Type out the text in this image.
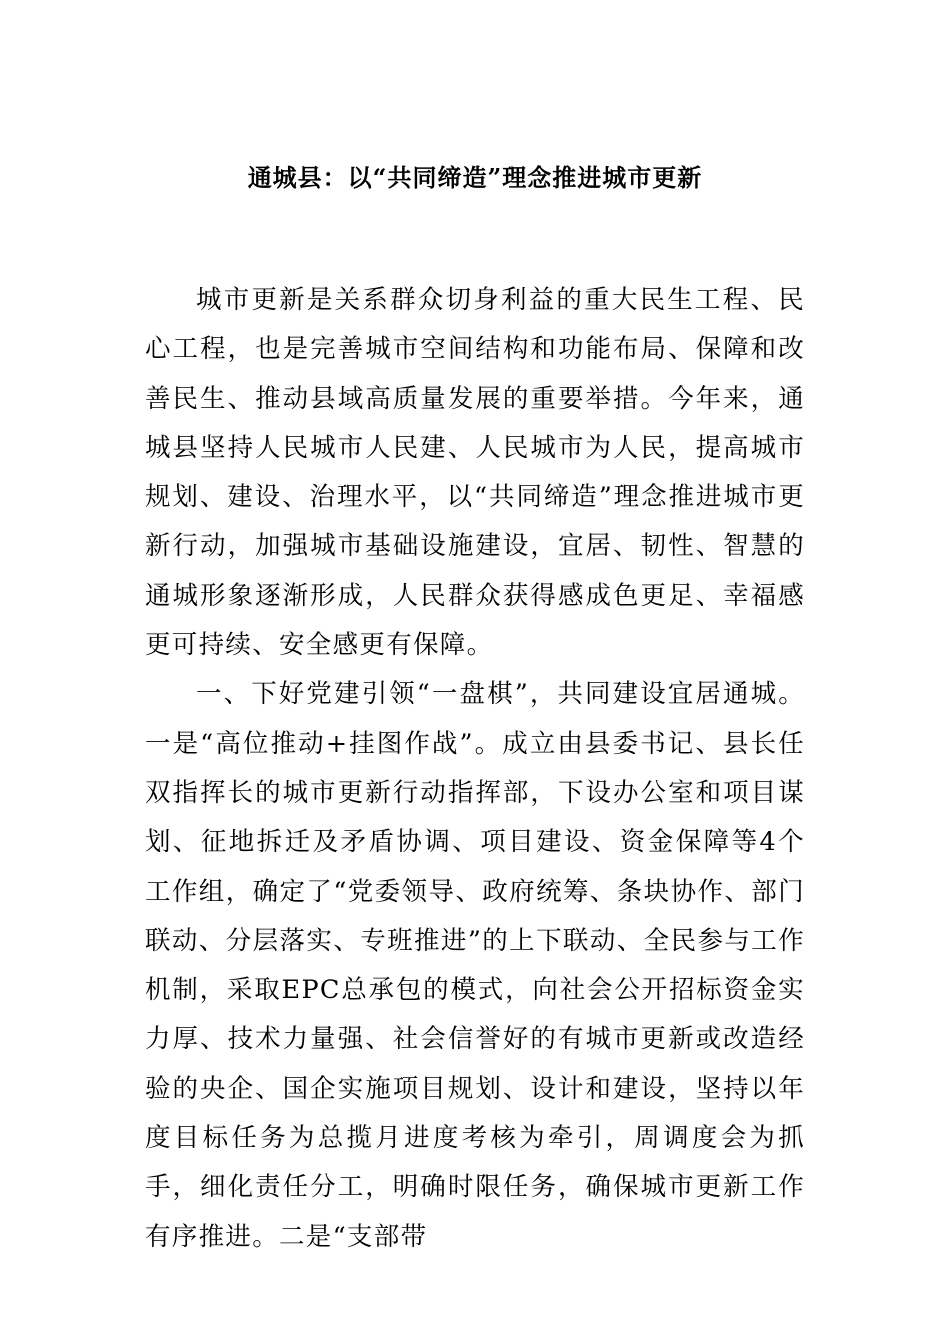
通城县：以“共同缔造”理念推进城市更新

城市更新是关系群众切身利益的重大民生工程、民心工程，也是完善城市空间结构和功能布局、保障和改善民生、推动县域高质量发展的重要举措。今年来，通城县坚持人民城市人民建、人民城市为人民，提高城市规划、建设、治理水平，以“共同缔造”理念推进城市更新行动，加强城市基础设施建设，宜居、韧性、智慧的通城形象逐渐形成，人民群众获得感成色更足、幸福感更可持续、安全感更有保障。

一、下好党建引领“一盘棋”，共同建设宜居通城。一是“高位推动+挂图作战”。成立由县委书记、县长任双指挥长的城市更新行动指挥部，下设办公室和项目谋划、征地拆迁及矛盾协调、项目建设、资金保障等4个工作组，确定了“党委领导、政府统筹、条块协作、部门联动、分层落实、专班推进”的上下联动、全民参与工作机制，采取EPC总承包的模式，向社会公开招标资金实力厚、技术力量强、社会信誉好的有城市更新或改造经验的央企、国企实施项目规划、设计和建设，坚持以年度目标任务为总揽月进度考核为牵引，周调度会为抓手，细化责任分工，明确时限任务，确保城市更新工作有序推进。二是“支部带
